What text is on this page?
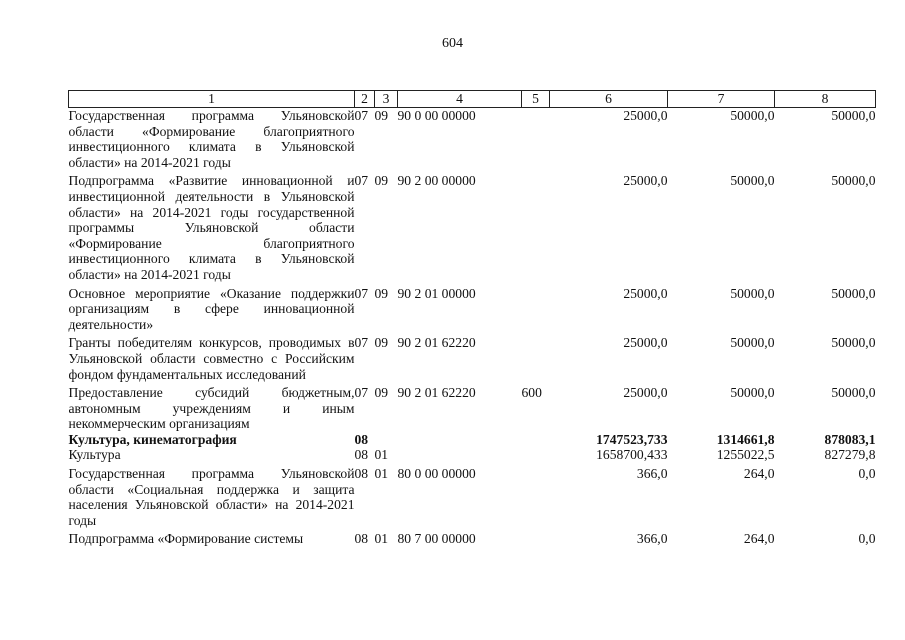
604
1	2	3	4	5	6	7	8
Государственная программа Ульяновской области «Формирование благоприятного инвестиционного климата в Ульяновской области» на 2014-2021 годы	07	09	90 0 00 00000		25000,0	50000,0	50000,0
Подпрограмма «Развитие инновационной и инвестиционной деятельности в Ульяновской области» на 2014-2021 годы государственной программы Ульяновской области «Формирование благоприятного инвестиционного климата в Ульяновской области» на 2014-2021 годы	07	09	90 2 00 00000		25000,0	50000,0	50000,0
Основное мероприятие «Оказание поддержки организациям в сфере инновационной деятельности»	07	09	90 2 01 00000		25000,0	50000,0	50000,0
Гранты победителям конкурсов, проводимых в Ульяновской области совместно с Российским фондом фундаментальных исследований	07	09	90 2 01 62220		25000,0	50000,0	50000,0
Предоставление субсидий бюджетным, автономным учреждениям и иным некоммерческим организациям	07	09	90 2 01 62220	600	25000,0	50000,0	50000,0
Культура, кинематография	08				1747523,733	1314661,8	878083,1
Культура	08	01			1658700,433	1255022,5	827279,8
Государственная программа Ульяновской области «Социальная поддержка и защита населения Ульяновской области» на 2014-2021 годы	08	01	80 0 00 00000		366,0	264,0	0,0
Подпрограмма «Формирование системы	08	01	80 7 00 00000		366,0	264,0	0,0
